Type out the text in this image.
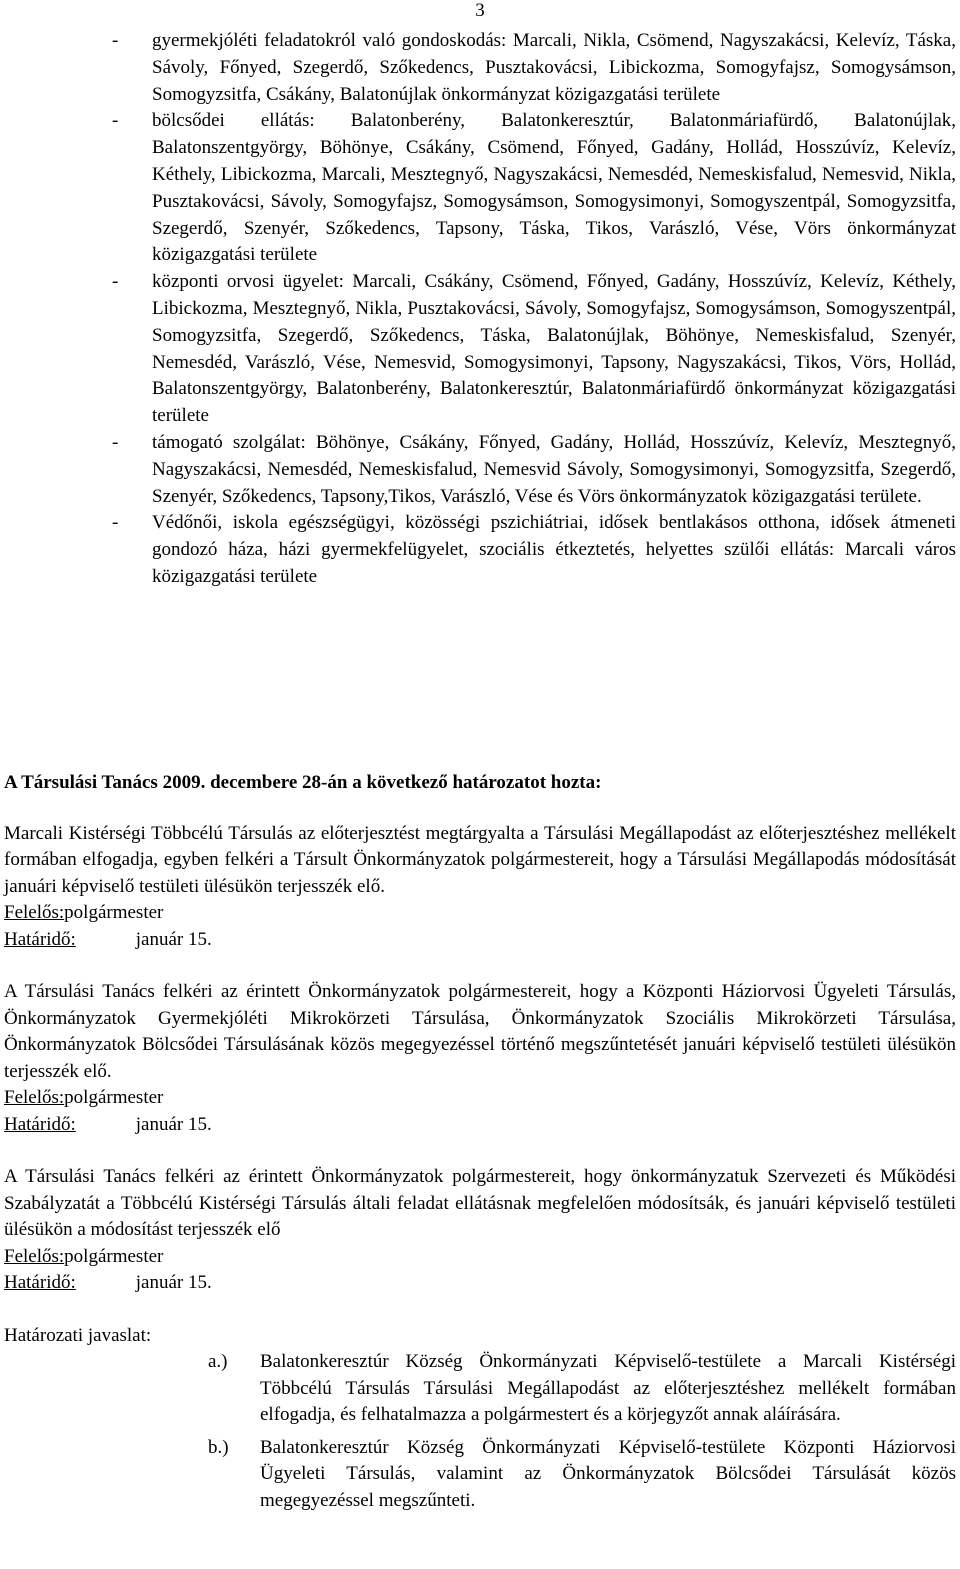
3
- gyermekjóléti feladatokról való gondoskodás: Marcali, Nikla, Csömend, Nagyszakácsi, Kelevíz, Táska, Sávoly, Főnyed, Szegerdő, Szőkedencs, Pusztakovácsi, Libickozma, Somogyfajsz, Somogysámson, Somogyzsitfa, Csákány, Balatonújlak önkormányzat közigazgatási területe
- bölcsődei ellátás: Balatonberény, Balatonkeresztúr, Balatonmáriafürdő, Balatonújlak, Balatonszentgyörgy, Böhönye, Csákány, Csömend, Főnyed, Gadány, Hollád, Hosszúvíz, Kelevíz, Kéthely, Libickozma, Marcali, Mesztegnyő, Nagyszakácsi, Nemesdéd, Nemeskisfalud, Nemesvid, Nikla, Pusztakovácsi, Sávoly, Somogyfajsz, Somogysámson, Somogysimonyi, Somogyszentpál, Somogyzsitfa, Szegerdő, Szenyér, Szőkedencs, Tapsony, Táska, Tikos, Varászló, Vése, Vörs önkormányzat közigazgatási területe
- központi orvosi ügyelet: Marcali, Csákány, Csömend, Főnyed, Gadány, Hosszúvíz, Kelevíz, Kéthely, Libickozma, Mesztegnyő, Nikla, Pusztakovácsi, Sávoly, Somogyfajsz, Somogysámson, Somogyszentpál, Somogyzsitfa, Szegerdő, Szőkedencs, Táska, Balatonújlak, Böhönye, Nemeskisfalud, Szenyér, Nemesdéd, Varászló, Vése, Nemesvid, Somogysimonyi, Tapsony, Nagyszakácsi, Tikos, Vörs, Hollád, Balatonszentgyörgy, Balatonberény, Balatonkeresztúr, Balatonmáriafürdő önkormányzat közigazgatási területe
- támogató szolgálat: Böhönye, Csákány, Főnyed, Gadány, Hollád, Hosszúvíz, Kelevíz, Mesztegnyő, Nagyszakácsi, Nemesdéd, Nemeskisfalud, Nemesvid Sávoly, Somogysimonyi, Somogyzsitfa, Szegerdő, Szenyér, Szőkedencs, Tapsony,Tikos, Varászló, Vése és Vörs önkormányzatok közigazgatási területe.
- Védőnői, iskola egészségügyi, közösségi pszichiátriai, idősek bentlakásos otthona, idősek átmeneti gondozó háza, házi gyermekfelügyelet, szociális étkeztetés, helyettes szülői ellátás: Marcali város közigazgatási területe

A Társulási Tanács 2009. decembere 28-án a következő határozatot hozta:

Marcali Kistérségi Többcélú Társulás az előterjesztést megtárgyalta a Társulási Megállapodást az előterjesztéshez mellékelt formában elfogadja, egyben felkéri a Társult Önkormányzatok polgármestereit, hogy a Társulási Megállapodás módosítását januári képviselő testületi ülésükön terjesszék elő.

Felelős:polgármester

Határidő:	január 15.

A Társulási Tanács felkéri az érintett Önkormányzatok polgármestereit, hogy a Központi Háziorvosi Ügyeleti Társulás, Önkormányzatok Gyermekjóléti Mikrokörzeti Társulása, Önkormányzatok Szociális Mikrokörzeti Társulása, Önkormányzatok Bölcsődei Társulásának közös megegyezéssel történő megszűntetését januári képviselő testületi ülésükön terjesszék elő.

Felelős:polgármester

Határidő:	január 15.

A Társulási Tanács felkéri az érintett Önkormányzatok polgármestereit, hogy önkormányzatuk Szervezeti és Működési Szabályzatát a Többcélú Kistérségi Társulás általi feladat ellátásnak megfelelően módosítsák, és januári képviselő testületi ülésükön a módosítást terjesszék elő

Felelős:polgármester

Határidő:	január 15.

Határozati javaslat:

a.) Balatonkeresztúr Község Önkormányzati Képviselő-testülete a Marcali Kistérségi Többcélú Társulás Társulási Megállapodást az előterjesztéshez mellékelt formában elfogadja, és felhatalmazza a polgármestert és a körjegyzőt annak aláírására.
b.) Balatonkeresztúr Község Önkormányzati Képviselő-testülete Központi Háziorvosi Ügyeleti Társulás, valamint az Önkormányzatok Bölcsődei Társulását közös megegyezéssel megszűnteti.
